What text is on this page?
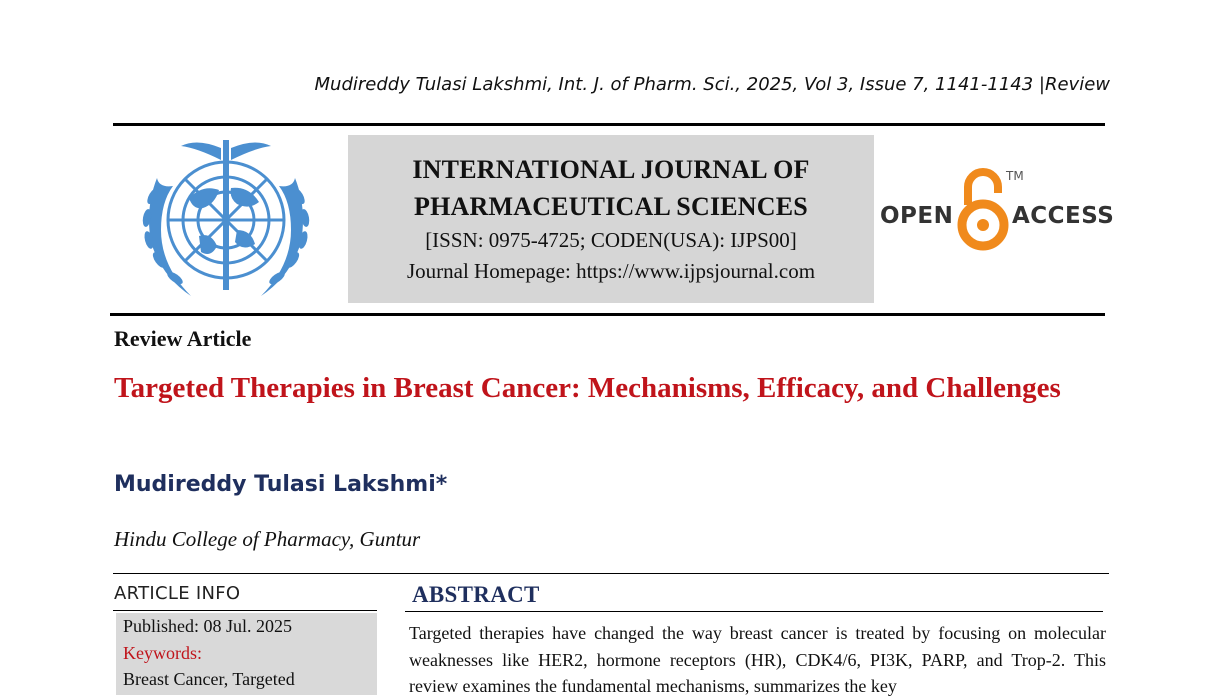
Mudireddy Tulasi Lakshmi, Int. J. of Pharm. Sci., 2025, Vol 3, Issue 7, 1141-1143 |Review
INTERNATIONAL JOURNAL OF
PHARMACEUTICAL SCIENCES
[ISSN: 0975-4725; CODEN(USA): IJPS00]
Journal Homepage: https://www.ijpsjournal.com
OPEN
TM
ACCESS
Review Article
Targeted Therapies in Breast Cancer: Mechanisms, Efficacy, and Challenges
Mudireddy Tulasi Lakshmi*
Hindu College of Pharmacy, Guntur
ARTICLE INFO
Published: 08 Jul. 2025
Keywords:
Breast Cancer, Targeted
ABSTRACT
Targeted therapies have changed the way breast cancer is treated by focusing on molecular weaknesses like HER2, hormone receptors (HR), CDK4/6, PI3K, PARP, and Trop-2. This review examines the fundamental mechanisms, summarizes the key
